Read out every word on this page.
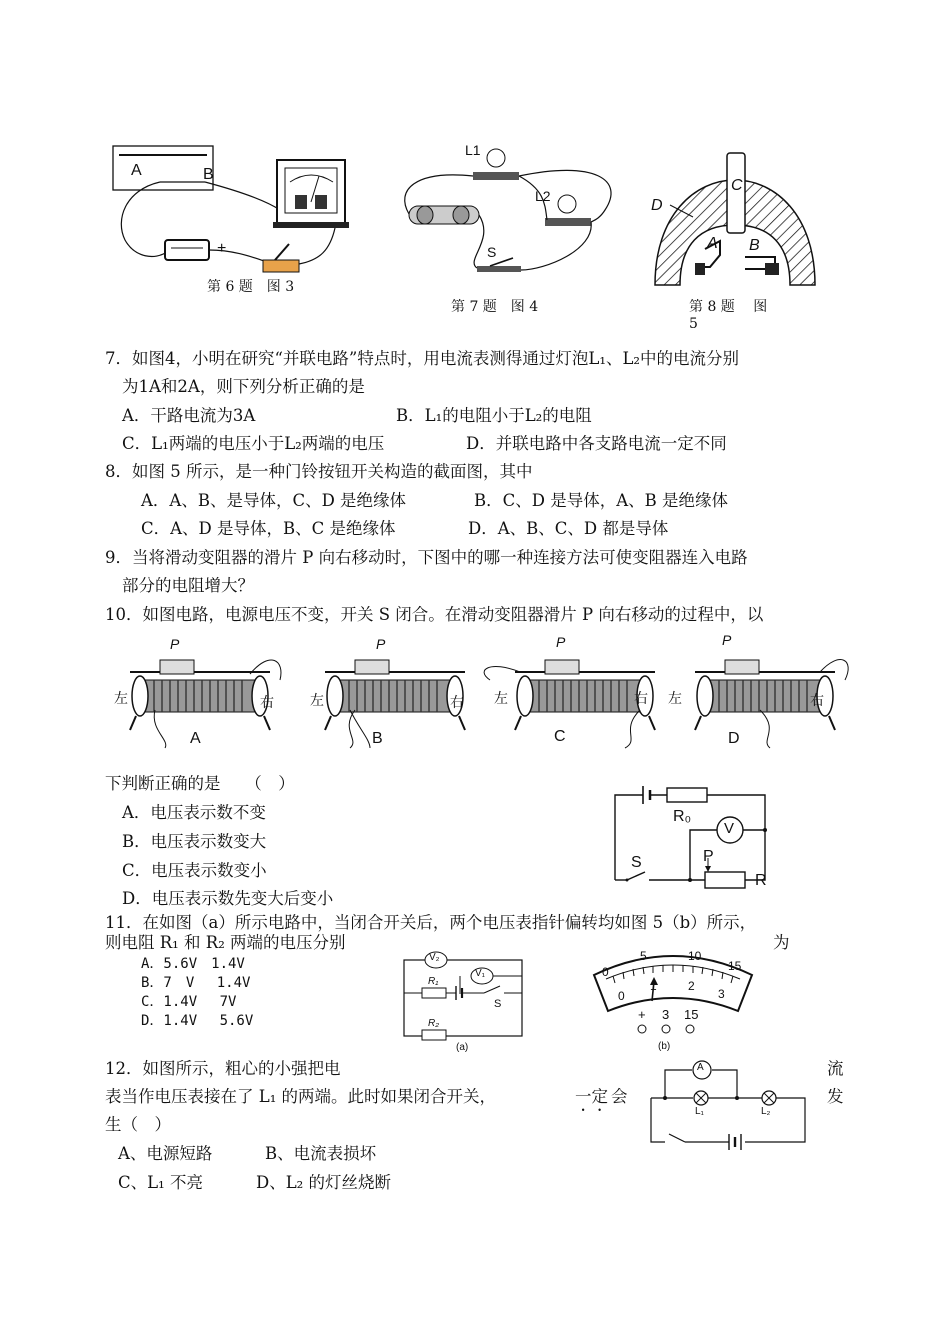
A	B
+
第 6 题　图 3
L1
L2
S
第 7 题　图 4
C
D
A B
第 8 题　 图
5
7．如图4，小明在研究“并联电路”特点时，用电流表测得通过灯泡L₁、L₂中的电流分别
为1A和2A，则下列分析正确的是
A．干路电流为3A	B．L₁的电阻小于L₂的电阻
C．L₁两端的电压小于L₂两端的电压	D．并联电路中各支路电流一定不同
8．如图 5 所示，是一种门铃按钮开关构造的截面图，其中
A．A、B、是导体，C、D 是绝缘体	B．C、D 是导体，A、B 是绝缘体
C．A、D 是导体，B、C 是绝缘体	D．A、B、C、D 都是导体
9．当将滑动变阻器的滑片 P 向右移动时，下图中的哪一种连接方法可使变阻器连入电路
部分的电阻增大？
10．如图电路，电源电压不变，开关 S 闭合。在滑动变阻器滑片 P 向右移动的过程中，以
P	P	P	P
左	右	左	右 左	右 左	右
A	B	C	D
下判断正确的是　　（　）
A．电压表示数不变
B．电压表示数变大
C．电压表示数变小
D．电压表示数先变大后变小
R₀
V
S	P
R
11．在如图（a）所示电路中，当闭合开关后，两个电压表指针偏转均如图 5（b）所示，
则电阻 R₁ 和 R₂ 两端的电压分别	为
A．5.6V　1.4V
B．7　V　 1.4V
C．1.4V　 7V
D．1.4V　 5.6V
V₂
V₁
R₁
S
R₂
(a)
0
5	10
15
0
1	2
3
+ 3 15
(b)
12．如图所示，粗心的小强把电	流
表当作电压表接在了 L₁ 的两端。此时如果闭合开关，	一定 会	发
生（　）
A、电源短路	B、电流表损坏
C、L₁ 不亮	D、L₂ 的灯丝烧断
A
L₁	L₂
